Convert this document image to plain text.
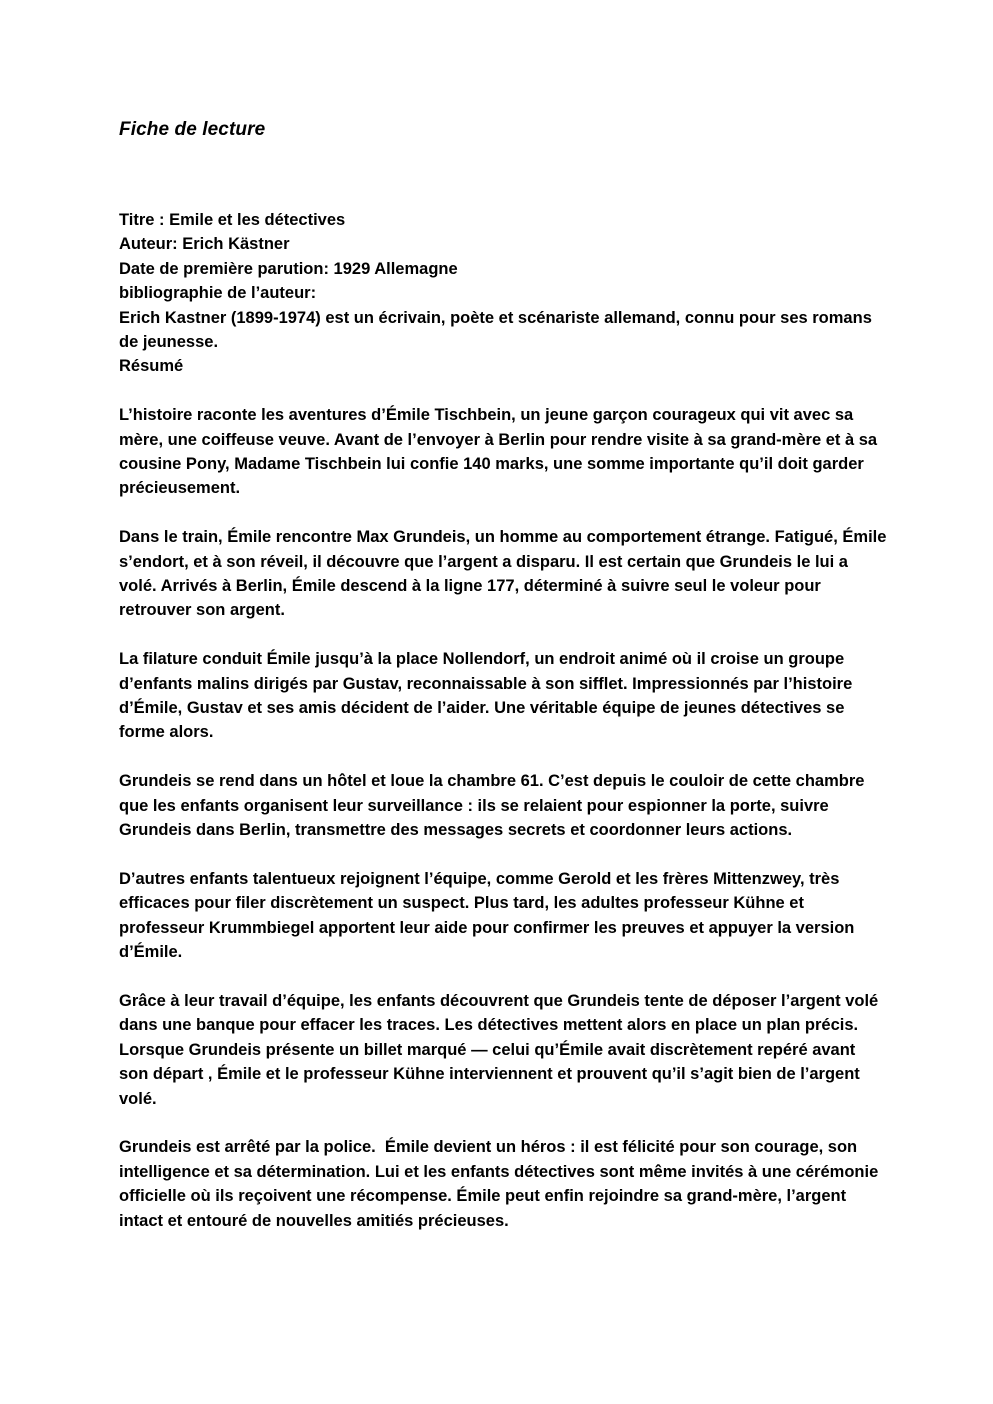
Fiche de lecture

Titre : Emile et les détectives

Auteur: Erich Kästner

Date de première parution: 1929 Allemagne

bibliographie de l’auteur:

Erich Kastner (1899-1974) est un écrivain, poète et scénariste allemand, connu pour ses romans de jeunesse.

Résumé

L’histoire raconte les aventures d’Émile Tischbein, un jeune garçon courageux qui vit avec sa mère, une coiffeuse veuve. Avant de l’envoyer à Berlin pour rendre visite à sa grand-mère et à sa cousine Pony, Madame Tischbein lui confie 140 marks, une somme importante qu’il doit garder précieusement.

Dans le train, Émile rencontre Max Grundeis, un homme au comportement étrange. Fatigué, Émile s’endort, et à son réveil, il découvre que l’argent a disparu. Il est certain que Grundeis le lui a volé. Arrivés à Berlin, Émile descend à la ligne 177, déterminé à suivre seul le voleur pour retrouver son argent.

La filature conduit Émile jusqu’à la place Nollendorf, un endroit animé où il croise un groupe d’enfants malins dirigés par Gustav, reconnaissable à son sifflet. Impressionnés par l’histoire d’Émile, Gustav et ses amis décident de l’aider. Une véritable équipe de jeunes détectives se forme alors.

Grundeis se rend dans un hôtel et loue la chambre 61. C’est depuis le couloir de cette chambre que les enfants organisent leur surveillance : ils se relaient pour espionner la porte, suivre Grundeis dans Berlin, transmettre des messages secrets et coordonner leurs actions.

D’autres enfants talentueux rejoignent l’équipe, comme Gerold et les frères Mittenzwey, très efficaces pour filer discrètement un suspect. Plus tard, les adultes professeur Kühne et professeur Krummbiegel apportent leur aide pour confirmer les preuves et appuyer la version d’Émile.

Grâce à leur travail d’équipe, les enfants découvrent que Grundeis tente de déposer l’argent volé dans une banque pour effacer les traces. Les détectives mettent alors en place un plan précis. Lorsque Grundeis présente un billet marqué — celui qu’Émile avait discrètement repéré avant son départ , Émile et le professeur Kühne interviennent et prouvent qu’il s’agit bien de l’argent volé.

Grundeis est arrêté par la police.  Émile devient un héros : il est félicité pour son courage, son intelligence et sa détermination. Lui et les enfants détectives sont même invités à une cérémonie officielle où ils reçoivent une récompense. Émile peut enfin rejoindre sa grand-mère, l’argent intact et entouré de nouvelles amitiés précieuses.
